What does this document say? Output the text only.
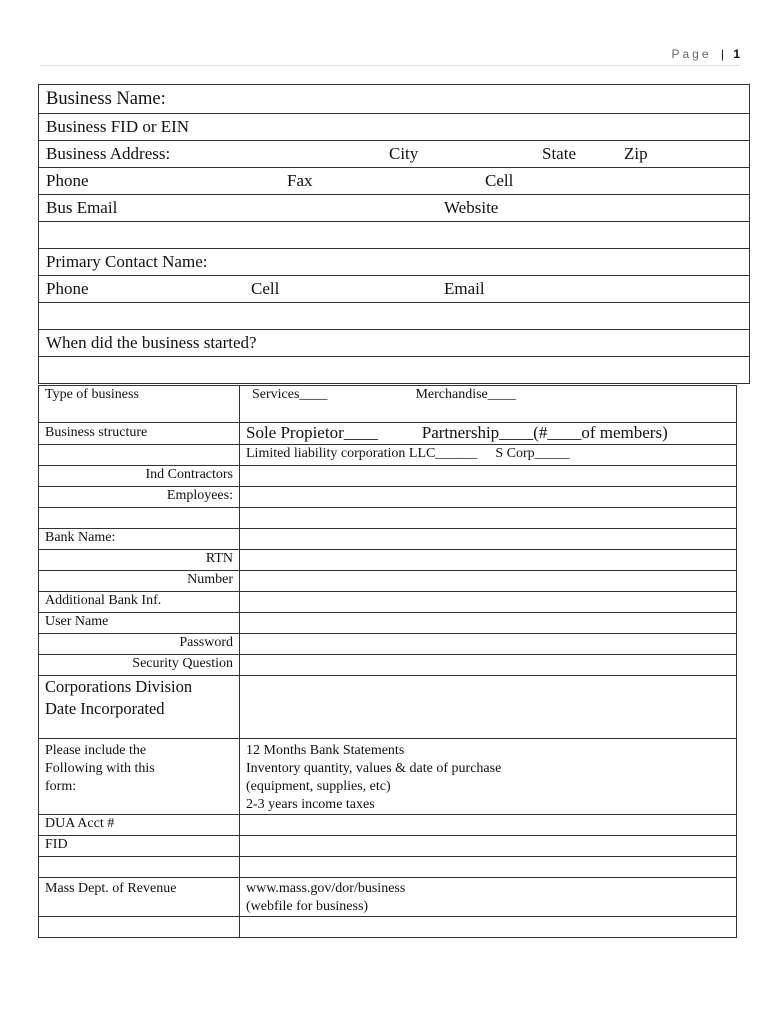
Page | 1
Business Name:
Business FID or EIN
Business Address:	City	State	Zip

Phone	Fax	Cell

Bus Email	Website

Primary Contact Name:
Phone	Cell	Email

When did the business started?

Type of business	Services____ Merchandise____
Business structure	Sole Propietor____ Partnership____(#____of members)
	Limited liability corporation LLC______ S Corp_____
Ind Contractors	
Employees:	

Bank Name:	
RTN	
Number	
Additional Bank Inf.	
User Name	
Password	
Security Question	

Corporations Division
Date Incorporated	

Please include the
Following with this
form:	12 Months Bank Statements
Inventory quantity, values & date of purchase
(equipment, supplies, etc)
2-3 years income taxes

DUA Acct #	
FID	

Mass Dept. of Revenue	www.mass.gov/dor/business
(webfile for business)
